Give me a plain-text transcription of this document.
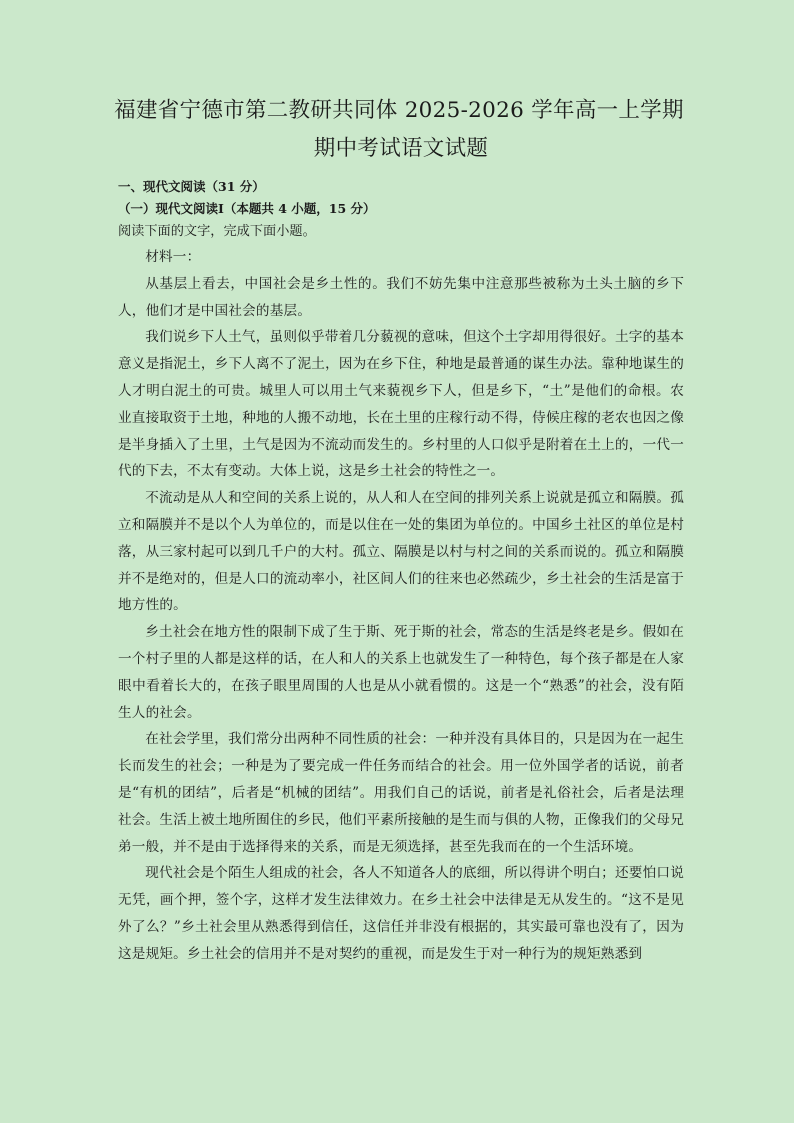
福建省宁德市第二教研共同体 2025-2026 学年高一上学期
期中考试语文试题

一、现代文阅读（31 分）

（一）现代文阅读Ⅰ（本题共 4 小题，15 分）

阅读下面的文字，完成下面小题。

材料一：

从基层上看去，中国社会是乡土性的。我们不妨先集中注意那些被称为土头土脑的乡下人，他们才是中国社会的基层。

我们说乡下人土气，虽则似乎带着几分藐视的意味，但这个土字却用得很好。土字的基本意义是指泥土，乡下人离不了泥土，因为在乡下住，种地是最普通的谋生办法。靠种地谋生的人才明白泥土的可贵。城里人可以用土气来藐视乡下人，但是乡下，“土”是他们的命根。农业直接取资于土地，种地的人搬不动地，长在土里的庄稼行动不得，侍候庄稼的老农也因之像是半身插入了土里，土气是因为不流动而发生的。乡村里的人口似乎是附着在土上的，一代一代的下去，不太有变动。大体上说，这是乡土社会的特性之一。

不流动是从人和空间的关系上说的，从人和人在空间的排列关系上说就是孤立和隔膜。孤立和隔膜并不是以个人为单位的，而是以住在一处的集团为单位的。中国乡土社区的单位是村落，从三家村起可以到几千户的大村。孤立、隔膜是以村与村之间的关系而说的。孤立和隔膜并不是绝对的，但是人口的流动率小，社区间人们的往来也必然疏少，乡土社会的生活是富于地方性的。

乡土社会在地方性的限制下成了生于斯、死于斯的社会，常态的生活是终老是乡。假如在一个村子里的人都是这样的话，在人和人的关系上也就发生了一种特色，每个孩子都是在人家眼中看着长大的，在孩子眼里周围的人也是从小就看惯的。这是一个“熟悉”的社会，没有陌生人的社会。

在社会学里，我们常分出两种不同性质的社会：一种并没有具体目的，只是因为在一起生长而发生的社会；一种是为了要完成一件任务而结合的社会。用一位外国学者的话说，前者是“有机的团结”，后者是“机械的团结”。用我们自己的话说，前者是礼俗社会，后者是法理社会。生活上被土地所囿住的乡民，他们平素所接触的是生而与俱的人物，正像我们的父母兄弟一般，并不是由于选择得来的关系，而是无须选择，甚至先我而在的一个生活环境。

现代社会是个陌生人组成的社会，各人不知道各人的底细，所以得讲个明白；还要怕口说无凭，画个押，签个字，这样才发生法律效力。在乡土社会中法律是无从发生的。“这不是见外了么？”乡土社会里从熟悉得到信任，这信任并非没有根据的，其实最可靠也没有了，因为这是规矩。乡土社会的信用并不是对契约的重视，而是发生于对一种行为的规矩熟悉到
